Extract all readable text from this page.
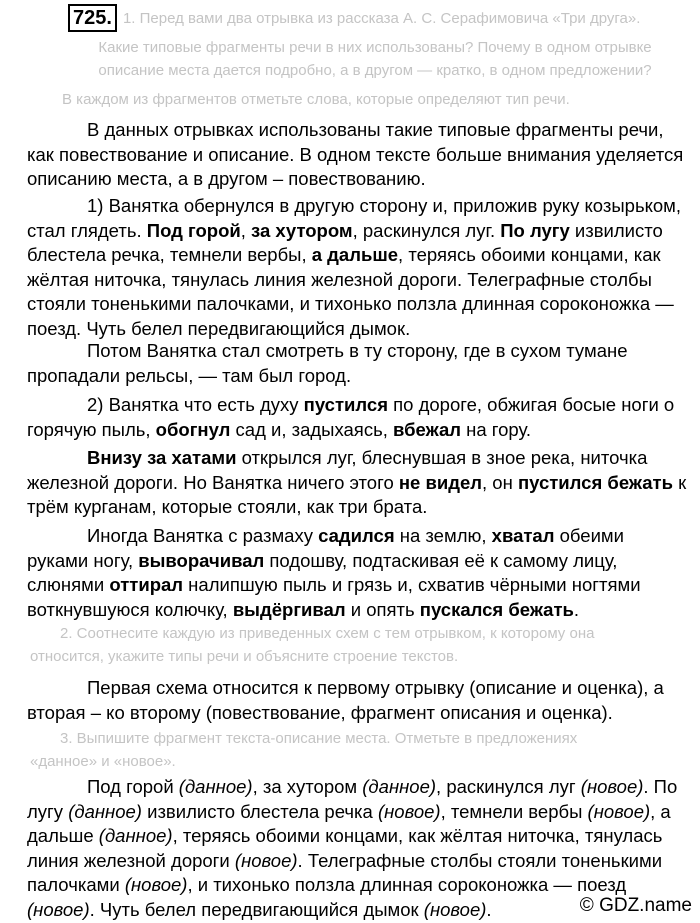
725. 1. Перед вами два отрывка из рассказа А. С. Серафимовича «Три друга».
Какие типовые фрагменты речи в них использованы? Почему в одном отрывке
описание места дается подробно, а в другом — кратко, в одном предложении?
В каждом из фрагментов отметьте слова, которые определяют тип речи.
В данных отрывках использованы такие типовые фрагменты речи, как повествование и описание. В одном тексте больше внимания уделяется описанию места, а в другом – повествованию.
1) Ванятка обернулся в другую сторону и, приложив руку козырьком, стал глядеть. Под горой, за хутором, раскинулся луг. По лугу извилисто блестела речка, темнели вербы, а дальше, теряясь обоими концами, как жёлтая ниточка, тянулась линия железной дороги. Телеграфные столбы стояли тоненькими палочками, и тихонько ползла длинная сороконожка — поезд. Чуть белел передвигающийся дымок.
Потом Ванятка стал смотреть в ту сторону, где в сухом тумане пропадали рельсы, — там был город.
2) Ванятка что есть духу пустился по дороге, обжигая босые ноги о горячую пыль, обогнул сад и, задыхаясь, вбежал на гору.
Внизу за хатами открылся луг, блеснувшая в зное река, ниточка железной дороги. Но Ванятка ничего этого не видел, он пустился бежать к трём курганам, которые стояли, как три брата.
Иногда Ванятка с размаху садился на землю, хватал обеими руками ногу, выворачивал подошву, подтаскивая её к самому лицу, слюнями оттирал налипшую пыль и грязь и, схватив чёрными ногтями воткнувшуюся колючку, выдёргивал и опять пускался бежать.
2. Соотнесите каждую из приведенных схем с тем отрывком, к которому она
относится, укажите типы речи и объясните строение текстов.
Первая схема относится к первому отрывку (описание и оценка), а вторая – ко второму (повествование, фрагмент описания и оценка).
3. Выпишите фрагмент текста-описание места. Отметьте в предложениях
«данное» и «новое».
Под горой (данное), за хутором (данное), раскинулся луг (новое). По лугу (данное) извилисто блестела речка (новое), темнели вербы (новое), а дальше (данное), теряясь обоими концами, как жёлтая ниточка, тянулась линия железной дороги (новое). Телеграфные столбы стояли тоненькими палочками (новое), и тихонько ползла длинная сороконожка — поезд (новое). Чуть белел передвигающийся дымок (новое).	© GDZ.name
